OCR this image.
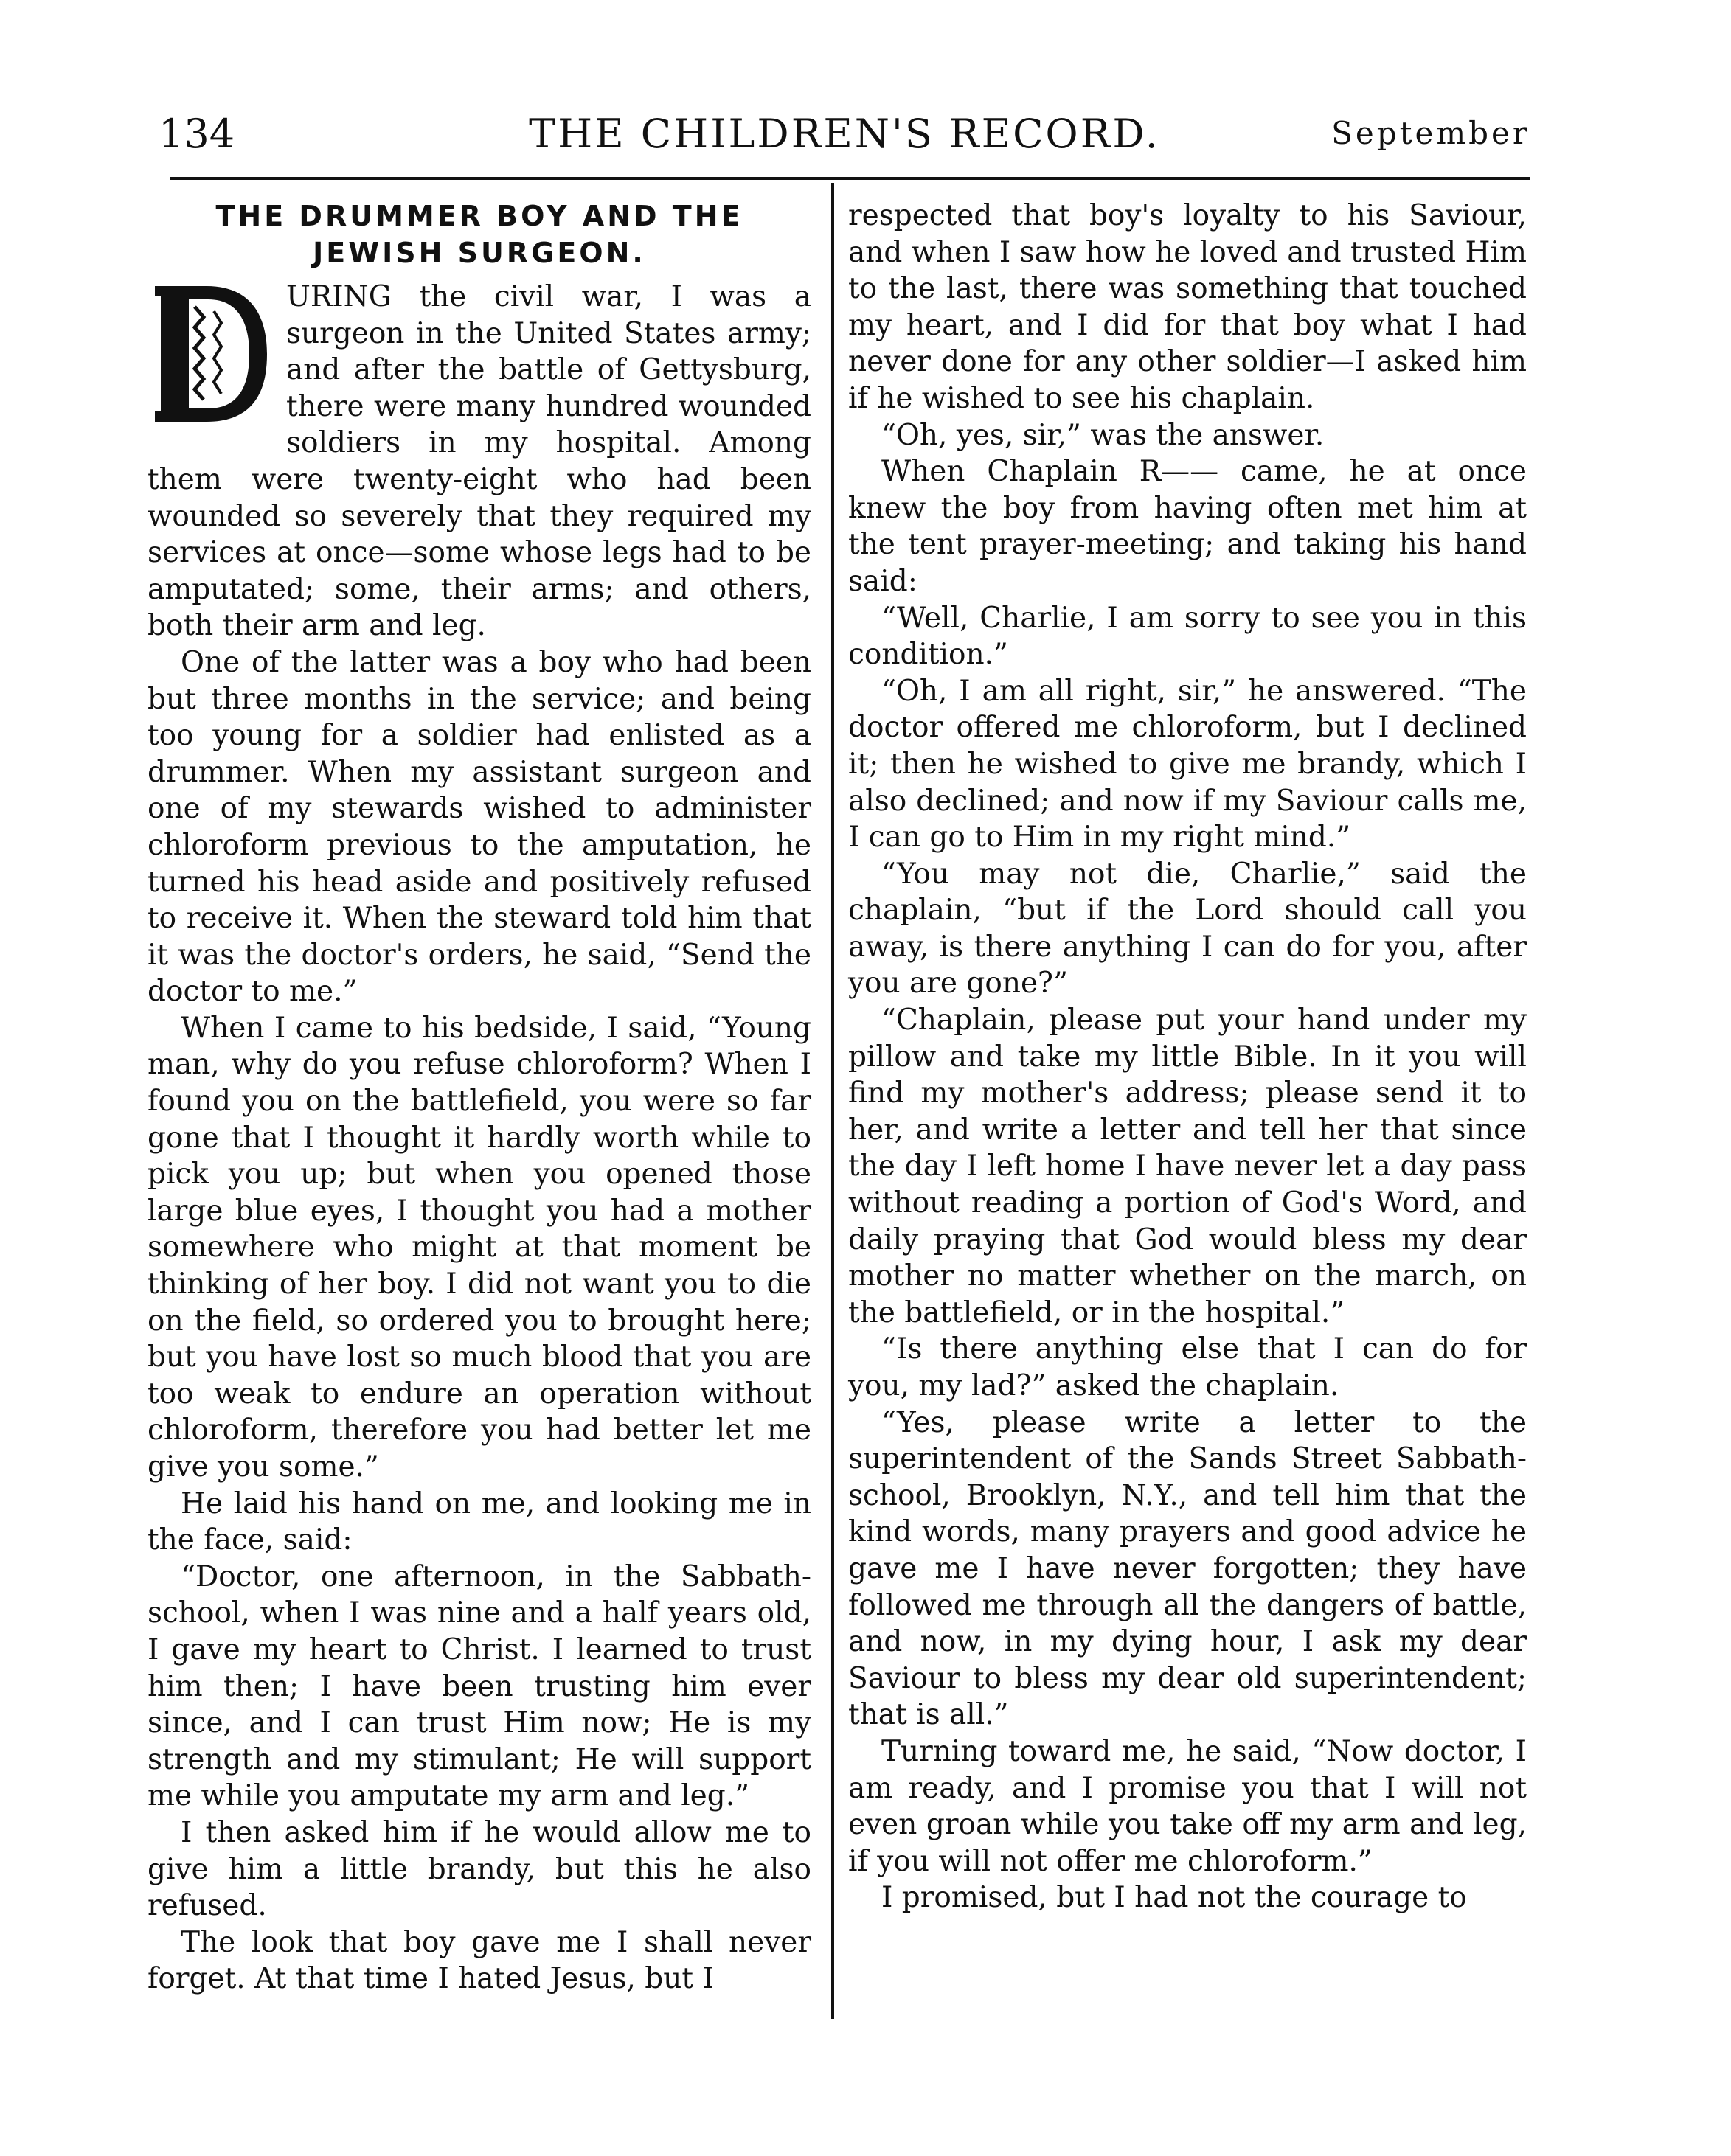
134	THE CHILDREN'S RECORD.	September
THE DRUMMER BOY AND THE
JEWISH SURGEON.
D

URING the civil war, I was a surgeon in the United States army; and after the battle of Gettysburg, there were many hundred wounded soldiers in my hospital. Among them were twenty-eight who had been wounded so severely that they required my services at once—some whose legs had to be amputated; some, their arms; and others, both their arm and leg.

One of the latter was a boy who had been but three months in the service; and being too young for a soldier had enlisted as a drummer. When my assistant surgeon and one of my stewards wished to administer chloroform previous to the amputation, he turned his head aside and positively refused to receive it. When the steward told him that it was the doctor's orders, he said, “Send the doctor to me.”

When I came to his bedside, I said, “Young man, why do you refuse chloroform? When I found you on the battlefield, you were so far gone that I thought it hardly worth while to pick you up; but when you opened those large blue eyes, I thought you had a mother somewhere who might at that moment be thinking of her boy. I did not want you to die on the field, so ordered you to brought here; but you have lost so much blood that you are too weak to endure an operation without chloroform, therefore you had better let me give you some.”

He laid his hand on me, and looking me in the face, said:

“Doctor, one afternoon, in the Sabbath-school, when I was nine and a half years old, I gave my heart to Christ. I learned to trust him then; I have been trusting him ever since, and I can trust Him now; He is my strength and my stimulant; He will support me while you amputate my arm and leg.”

I then asked him if he would allow me to give him a little brandy, but this he also refused.

The look that boy gave me I shall never forget. At that time I hated Jesus, but I

respected that boy's loyalty to his Saviour, and when I saw how he loved and trusted Him to the last, there was something that touched my heart, and I did for that boy what I had never done for any other soldier—I asked him if he wished to see his chaplain.

“Oh, yes, sir,” was the answer.

When Chaplain R—— came, he at once knew the boy from having often met him at the tent prayer-meeting; and taking his hand said:

“Well, Charlie, I am sorry to see you in this condition.”

“Oh, I am all right, sir,” he answered. “The doctor offered me chloroform, but I declined it; then he wished to give me brandy, which I also declined; and now if my Saviour calls me, I can go to Him in my right mind.”

“You may not die, Charlie,” said the chaplain, “but if the Lord should call you away, is there anything I can do for you, after you are gone?”

“Chaplain, please put your hand under my pillow and take my little Bible. In it you will find my mother's address; please send it to her, and write a letter and tell her that since the day I left home I have never let a day pass without reading a portion of God's Word, and daily praying that God would bless my dear mother no matter whether on the march, on the battlefield, or in the hospital.”

“Is there anything else that I can do for you, my lad?” asked the chaplain.

“Yes, please write a letter to the superintendent of the Sands Street Sabbath-school, Brooklyn, N.Y., and tell him that the kind words, many prayers and good advice he gave me I have never forgotten; they have followed me through all the dangers of battle, and now, in my dying hour, I ask my dear Saviour to bless my dear old superintendent; that is all.”

Turning toward me, he said, “Now doctor, I am ready, and I promise you that I will not even groan while you take off my arm and leg, if you will not offer me chloroform.”

I promised, but I had not the courage to
